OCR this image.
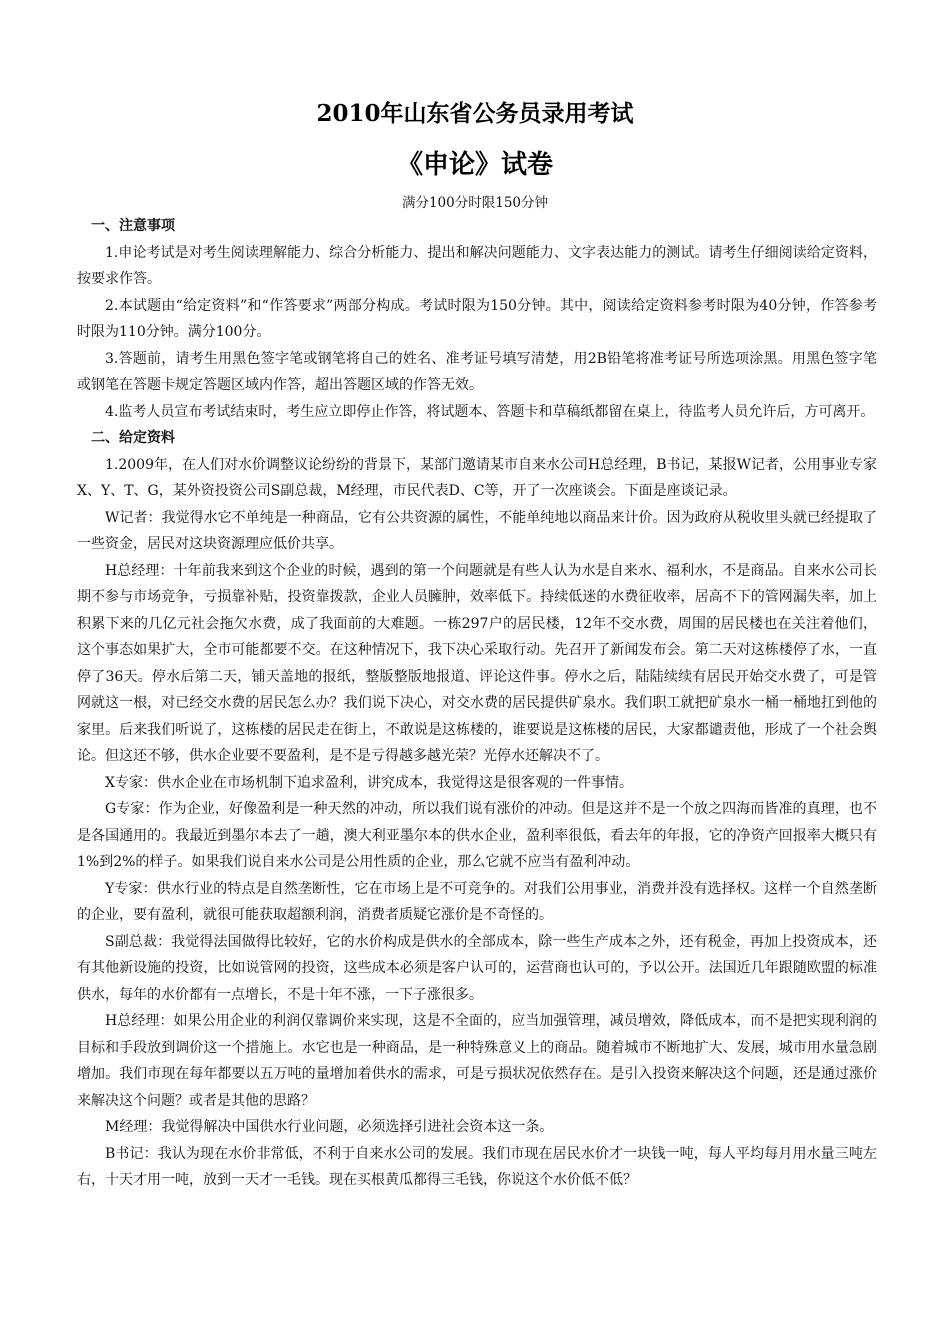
2010年山东省公务员录用考试
《申论》试卷
满分100分时限150分钟

一、注意事项

1.申论考试是对考生阅读理解能力、综合分析能力、提出和解决问题能力、文字表达能力的测试。请考生仔细阅读给定资料，按要求作答。

2.本试题由“给定资料”和“作答要求”两部分构成。考试时限为150分钟。其中，阅读给定资料参考时限为40分钟，作答参考时限为110分钟。满分100分。

3.答题前，请考生用黑色签字笔或钢笔将自己的姓名、准考证号填写清楚，用2B铅笔将准考证号所选项涂黑。用黑色签字笔或钢笔在答题卡规定答题区域内作答，超出答题区域的作答无效。

4.监考人员宣布考试结束时，考生应立即停止作答，将试题本、答题卡和草稿纸都留在桌上，待监考人员允许后，方可离开。

二、给定资料

1.2009年，在人们对水价调整议论纷纷的背景下，某部门邀请某市自来水公司H总经理，B书记，某报W记者，公用事业专家X、Y、T、G，某外资投资公司S副总裁，M经理，市民代表D、C等，开了一次座谈会。下面是座谈记录。

W记者：我觉得水它不单纯是一种商品，它有公共资源的属性，不能单纯地以商品来计价。因为政府从税收里头就已经提取了一些资金，居民对这块资源理应低价共享。

H总经理：十年前我来到这个企业的时候，遇到的第一个问题就是有些人认为水是自来水、福利水，不是商品。自来水公司长期不参与市场竞争，亏损靠补贴，投资靠拨款，企业人员臃肿，效率低下。持续低迷的水费征收率，居高不下的管网漏失率，加上积累下来的几亿元社会拖欠水费，成了我面前的大难题。一栋297户的居民楼，12年不交水费，周围的居民楼也在关注着他们，这个事态如果扩大，全市可能都要不交。在这种情况下，我下决心采取行动。先召开了新闻发布会。第二天对这栋楼停了水，一直停了36天。停水后第二天，铺天盖地的报纸，整版整版地报道、评论这件事。停水之后，陆陆续续有居民开始交水费了，可是管网就这一根，对已经交水费的居民怎么办？我们说下决心，对交水费的居民提供矿泉水。我们职工就把矿泉水一桶一桶地扛到他的家里。后来我们听说了，这栋楼的居民走在街上，不敢说是这栋楼的，谁要说是这栋楼的居民，大家都谴责他，形成了一个社会舆论。但这还不够，供水企业要不要盈利，是不是亏得越多越光荣？光停水还解决不了。

X专家：供水企业在市场机制下追求盈利，讲究成本，我觉得这是很客观的一件事情。

G专家：作为企业，好像盈利是一种天然的冲动，所以我们说有涨价的冲动。但是这并不是一个放之四海而皆准的真理，也不是各国通用的。我最近到墨尔本去了一趟，澳大利亚墨尔本的供水企业，盈利率很低，看去年的年报，它的净资产回报率大概只有1%到2%的样子。如果我们说自来水公司是公用性质的企业，那么它就不应当有盈利冲动。

Y专家：供水行业的特点是自然垄断性，它在市场上是不可竞争的。对我们公用事业，消费并没有选择权。这样一个自然垄断的企业，要有盈利，就很可能获取超额利润，消费者质疑它涨价是不奇怪的。

S副总裁：我觉得法国做得比较好，它的水价构成是供水的全部成本，除一些生产成本之外，还有税金，再加上投资成本，还有其他新设施的投资，比如说管网的投资，这些成本必须是客户认可的，运营商也认可的，予以公开。法国近几年跟随欧盟的标准供水，每年的水价都有一点增长，不是十年不涨，一下子涨很多。

H总经理：如果公用企业的利润仅靠调价来实现，这是不全面的，应当加强管理，减员增效，降低成本，而不是把实现利润的目标和手段放到调价这一个措施上。水它也是一种商品，是一种特殊意义上的商品。随着城市不断地扩大、发展，城市用水量急剧增加。我们市现在每年都要以五万吨的量增加着供水的需求，可是亏损状况依然存在。是引入投资来解决这个问题，还是通过涨价来解决这个问题？或者是其他的思路？

M经理：我觉得解决中国供水行业问题，必须选择引进社会资本这一条。

B书记：我认为现在水价非常低，不利于自来水公司的发展。我们市现在居民水价才一块钱一吨，每人平均每月用水量三吨左右，十天才用一吨，放到一天才一毛钱。现在买根黄瓜都得三毛钱，你说这个水价低不低？
